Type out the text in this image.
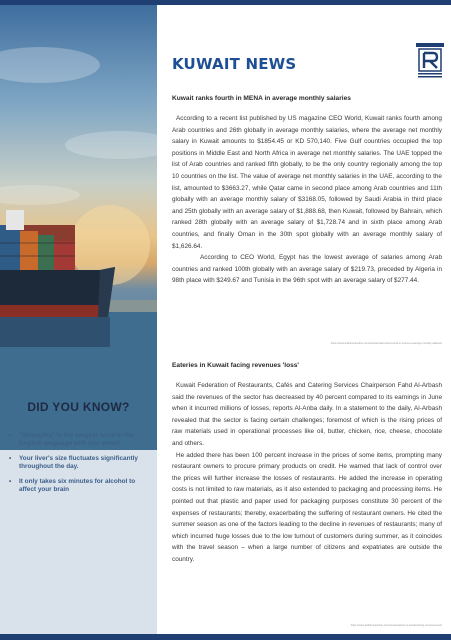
DID YOU KNOW?
• "Strengths" is the longest word in the English language with one vowel.
• Your liver's size fluctuates significantly throughout the day.
• It only takes six minutes for alcohol to affect your brain
KUWAIT NEWS
Kuwait ranks fourth in MENA in average monthly salaries

According to a recent list published by US magazine CEO World, Kuwait ranks fourth among Arab countries and 26th globally in average monthly salaries, where the average net monthly salary in Kuwait amounts to $1854.45 or KD 570,140. Five Gulf countries occupied the top positions in Middle East and North Africa in average net monthly salaries. The UAE topped the list of Arab countries and ranked fifth globally, to be the only country regionally among the top 10 countries on the list. The value of average net monthly salaries in the UAE, according to the list, amounted to $3663.27, while Qatar came in second place among Arab countries and 11th globally with an average monthly salary of $3168.05, followed by Saudi Arabia in third place and 25th globally with an average salary of $1,888.68, then Kuwait, followed by Bahrain, which ranked 28th globally with an average salary of $1,728.74 and in sixth place among Arab countries, and finally Oman in the 30th spot globally with an average monthly salary of $1,626.64.
According to CEO World, Egypt has the lowest average of salaries among Arab countries and ranked 100th globally with an average salary of $219.73, preceded by Algeria in 98th place with $249.67 and Tunisia in the 96th spot with an average salary of $277.44.

https://www.arabtimesonline.com/news/kuwait-ranks-fourth-in-mena-in-average-monthly-salaries/
Eateries in Kuwait facing revenues 'loss'

Kuwait Federation of Restaurants, Cafés and Catering Services Chairperson Fahd Al-Arbash said the revenues of the sector has decreased by 40 percent compared to its earnings in June when it incurred millions of losses, reports Al-Anba daily. In a statement to the daily, Al-Arbash revealed that the sector is facing certain challenges; foremost of which is the rising prices of raw materials used in operational processes like oil, butter, chicken, rice, cheese, chocolate and others.
He added there has been 100 percent increase in the prices of some items, prompting many restaurant owners to procure primary products on credit. He warned that lack of control over the prices will further increase the losses of restaurants. He added the increase in operating costs is not limited to raw materials, as it also extended to packaging and processing items. He pointed out that plastic and paper used for packaging purposes constitute 30 percent of the expenses of restaurants; thereby, exacerbating the suffering of restaurant owners. He cited the summer season as one of the factors leading to the decline in revenues of restaurants; many of which incurred huge losses due to the low turnout of customers during summer, as it coincides with the travel season – when a large number of citizens and expatriates are outside the country.

https://www.arabtimesonline.com/news/eateries-in-kuwait-facing-revenues-loss/
